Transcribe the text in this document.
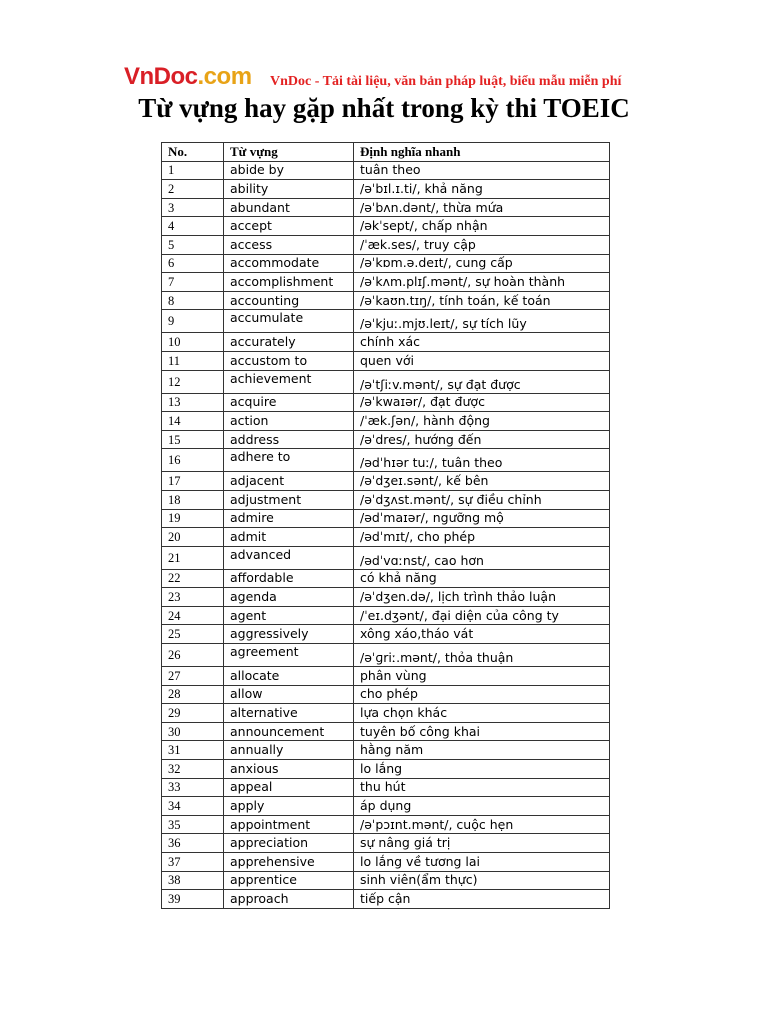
VnDoc.com VnDoc - Tải tài liệu, văn bản pháp luật, biểu mẫu miễn phí
Từ vựng hay gặp nhất trong kỳ thi TOEIC
No.	Từ vựng	Định nghĩa nhanh
1	abide by	tuân theo
2	ability	/əˈbɪl.ɪ.ti/, khả năng
3	abundant	/əˈbʌn.dənt/, thừa mứa
4	accept	/əkˈsept/, chấp nhận
5	access	/ˈæk.ses/, truy cập
6	accommodate	/əˈkɒm.ə.deɪt/, cung cấp
7	accomplishment	/əˈkʌm.plɪʃ.mənt/, sự hoàn thành
8	accounting	/əˈkaʊn.tɪŋ/, tính toán, kế toán
9	accumulate	/əˈkjuː.mjʊ.leɪt/, sự tích lũy
10	accurately	chính xác
11	accustom to	quen với
12	achievement	/əˈtʃiːv.mənt/, sự đạt được
13	acquire	/əˈkwaɪər/, đạt được
14	action	/ˈæk.ʃən/, hành động
15	address	/əˈdres/, hướng đến
16	adhere to	/ədˈhɪər tuː/, tuân theo
17	adjacent	/əˈdʒeɪ.sənt/, kế bên
18	adjustment	/əˈdʒʌst.mənt/, sự điều chỉnh
19	admire	/ədˈmaɪər/, ngưỡng mộ
20	admit	/ədˈmɪt/, cho phép
21	advanced	/ədˈvɑːnst/, cao hơn
22	affordable	có khả năng
23	agenda	/əˈdʒen.də/, lịch trình thảo luận
24	agent	/ˈeɪ.dʒənt/, đại diện của công ty
25	aggressively	xông xáo,tháo vát
26	agreement	/əˈɡriː.mənt/, thỏa thuận
27	allocate	phân vùng
28	allow	cho phép
29	alternative	lựa chọn khác
30	announcement	tuyên bố công khai
31	annually	hằng năm
32	anxious	lo lắng
33	appeal	thu hút
34	apply	áp dụng
35	appointment	/əˈpɔɪnt.mənt/, cuộc hẹn
36	appreciation	sự nâng giá trị
37	apprehensive	lo lắng về tương lai
38	apprentice	sinh viên(ẩm thực)
39	approach	tiếp cận
